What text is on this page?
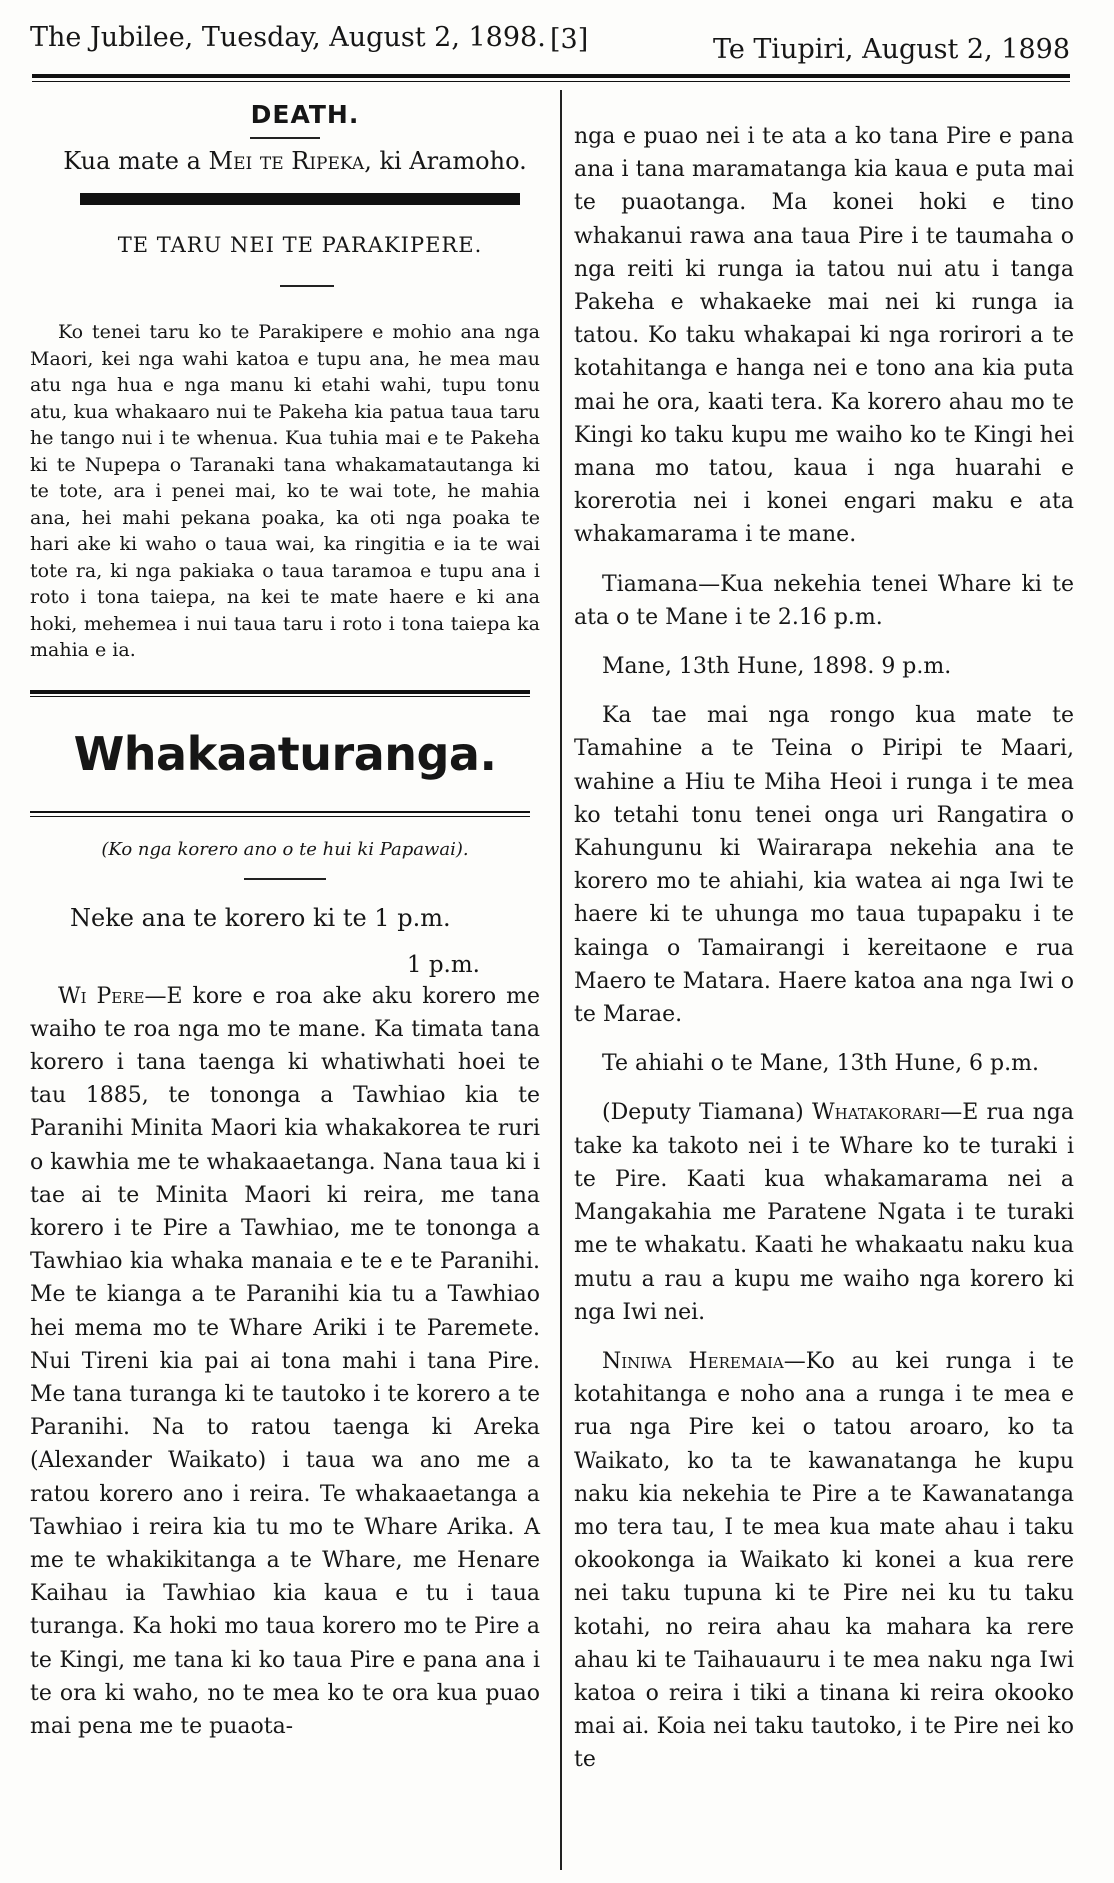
The Jubilee, Tuesday, August 2, 1898. [3]	Te Tiupiri, August 2, 1898
DEATH.
Kua mate a Mei te Ripeka, ki Aramoho.
TE TARU NEI TE PARAKIPERE.
Ko tenei taru ko te Parakipere e mohio ana nga Maori, kei nga wahi katoa e tupu ana, he mea mau atu nga hua e nga manu ki etahi wahi, tupu tonu atu, kua whakaaro nui te Pakeha kia patua taua taru he tango nui i te whenua. Kua tuhia mai e te Pakeha ki te Nupepa o Taranaki tana whakamatautanga ki te tote, ara i penei mai, ko te wai tote, he mahia ana, hei mahi pekana poaka, ka oti nga poaka te hari ake ki waho o taua wai, ka ringitia e ia te wai tote ra, ki nga pakiaka o taua taramoa e tupu ana i roto i tona taiepa, na kei te mate haere e ki ana hoki, mehemea i nui taua taru i roto i tona taiepa ka mahia e ia.
Whakaaturanga.
(Ko nga korero ano o te hui ki Papawai).
Neke ana te korero ki te 1 p.m.
1 p.m.
Wi Pere—E kore e roa ake aku korero me waiho te roa nga mo te mane. Ka timata tana korero i tana taenga ki whatiwhati hoei te tau 1885, te tononga a Tawhiao kia te Paranihi Minita Maori kia whakakorea te ruri o kawhia me te whakaaetanga. Nana taua ki i tae ai te Minita Maori ki reira, me tana korero i te Pire a Tawhiao, me te tononga a Tawhiao kia whaka manaia e te e te Paranihi. Me te kianga a te Paranihi kia tu a Tawhiao hei mema mo te Whare Ariki i te Paremete. Nui Tireni kia pai ai tona mahi i tana Pire. Me tana turanga ki te tautoko i te korero a te Paranihi. Na to ratou taenga ki Areka (Alexander Waikato) i taua wa ano me a ratou korero ano i reira. Te whakaaetanga a Tawhiao i reira kia tu mo te Whare Arika. A me te whakikitanga a te Whare, me Henare Kaihau ia Tawhiao kia kaua e tu i taua turanga. Ka hoki mo taua korero mo te Pire a te Kingi, me tana ki ko taua Pire e pana ana i te ora ki waho, no te mea ko te ora kua puao mai pena me te puaota-
nga e puao nei i te ata a ko tana Pire e pana ana i tana maramatanga kia kaua e puta mai te puaotanga. Ma konei hoki e tino whakanui rawa ana taua Pire i te taumaha o nga reiti ki runga ia tatou nui atu i tanga Pakeha e whakaeke mai nei ki runga ia tatou. Ko taku whakapai ki nga rorirori a te kotahitanga e hanga nei e tono ana kia puta mai he ora, kaati tera. Ka korero ahau mo te Kingi ko taku kupu me waiho ko te Kingi hei mana mo tatou, kaua i nga huarahi e korerotia nei i konei engari maku e ata whakamarama i te mane.
Tiamana—Kua nekehia tenei Whare ki te ata o te Mane i te 2.16 p.m.
Mane, 13th Hune, 1898. 9 p.m.
Ka tae mai nga rongo kua mate te Tamahine a te Teina o Piripi te Maari, wahine a Hiu te Miha Heoi i runga i te mea ko tetahi tonu tenei onga uri Rangatira o Kahungunu ki Wairarapa nekehia ana te korero mo te ahiahi, kia watea ai nga Iwi te haere ki te uhunga mo taua tupapaku i te kainga o Tamairangi i kereitaone e rua Maero te Matara. Haere katoa ana nga Iwi o te Marae.
Te ahiahi o te Mane, 13th Hune, 6 p.m.
(Deputy Tiamana) Whatakorari—E rua nga take ka takoto nei i te Whare ko te turaki i te Pire. Kaati kua whakamarama nei a Mangakahia me Paratene Ngata i te turaki me te whakatu. Kaati he whakaatu naku kua mutu a rau a kupu me waiho nga korero ki nga Iwi nei.
Niniwa Heremaia—Ko au kei runga i te kotahitanga e noho ana a runga i te mea e rua nga Pire kei o tatou aroaro, ko ta Waikato, ko ta te kawanatanga he kupu naku kia nekehia te Pire a te Kawanatanga mo tera tau, I te mea kua mate ahau i taku okookonga ia Waikato ki konei a kua rere nei taku tupuna ki te Pire nei ku tu taku kotahi, no reira ahau ka mahara ka rere ahau ki te Taihauauru i te mea naku nga Iwi katoa o reira i tiki a tinana ki reira okooko mai ai. Koia nei taku tautoko, i te Pire nei ko te
